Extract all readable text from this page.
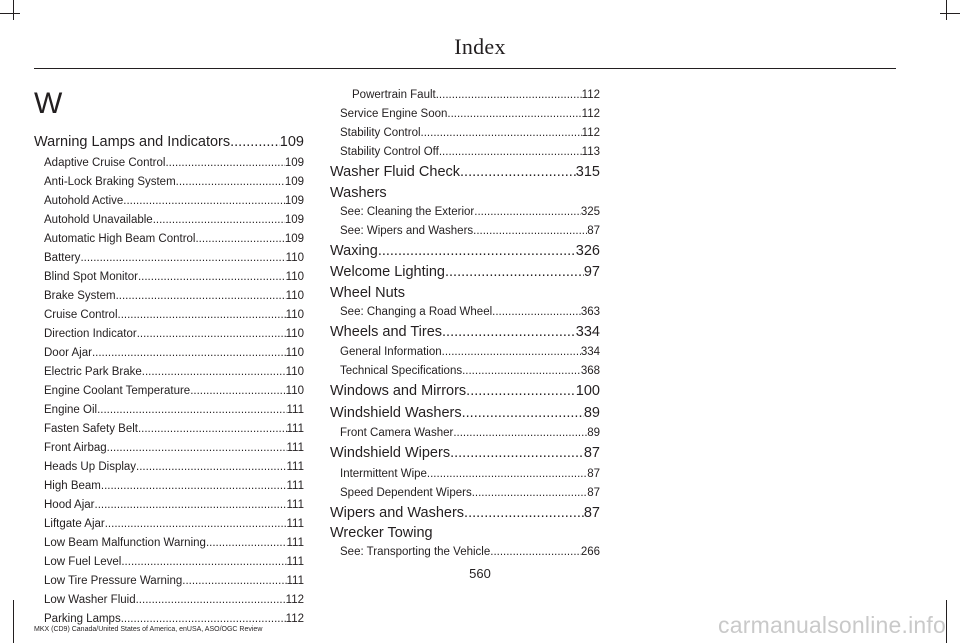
Index
W
Warning Lamps and Indicators .....	109
Adaptive Cruise Control .....	109
Anti-Lock Braking System .....	109
Autohold Active .....	109
Autohold Unavailable .....	109
Automatic High Beam Control .....	109
Battery .....	110
Blind Spot Monitor .....	110
Brake System .....	110
Cruise Control .....	110
Direction Indicator .....	110
Door Ajar .....	110
Electric Park Brake .....	110
Engine Coolant Temperature .....	110
Engine Oil .....	111
Fasten Safety Belt .....	111
Front Airbag .....	111
Heads Up Display .....	111
High Beam .....	111
Hood Ajar .....	111
Liftgate Ajar .....	111
Low Beam Malfunction Warning .....	111
Low Fuel Level .....	111
Low Tire Pressure Warning .....	111
Low Washer Fluid .....	112
Parking Lamps .....	112
Powertrain Fault .....	112
Service Engine Soon .....	112
Stability Control .....	112
Stability Control Off .....	113
Washer Fluid Check .....	315
Washers
See: Cleaning the Exterior .....	325
See: Wipers and Washers .....	87
Waxing .....	326
Welcome Lighting .....	97
Wheel Nuts
See: Changing a Road Wheel .....	363
Wheels and Tires .....	334
General Information .....	334
Technical Specifications .....	368
Windows and Mirrors .....	100
Windshield Washers .....	89
Front Camera Washer .....	89
Windshield Wipers .....	87
Intermittent Wipe .....	87
Speed Dependent Wipers .....	87
Wipers and Washers .....	87
Wrecker Towing
See: Transporting the Vehicle .....	266
560
MKX (CD9) Canada/United States of America, enUSA, ASO/OGC Review	carmanualsonline.info
